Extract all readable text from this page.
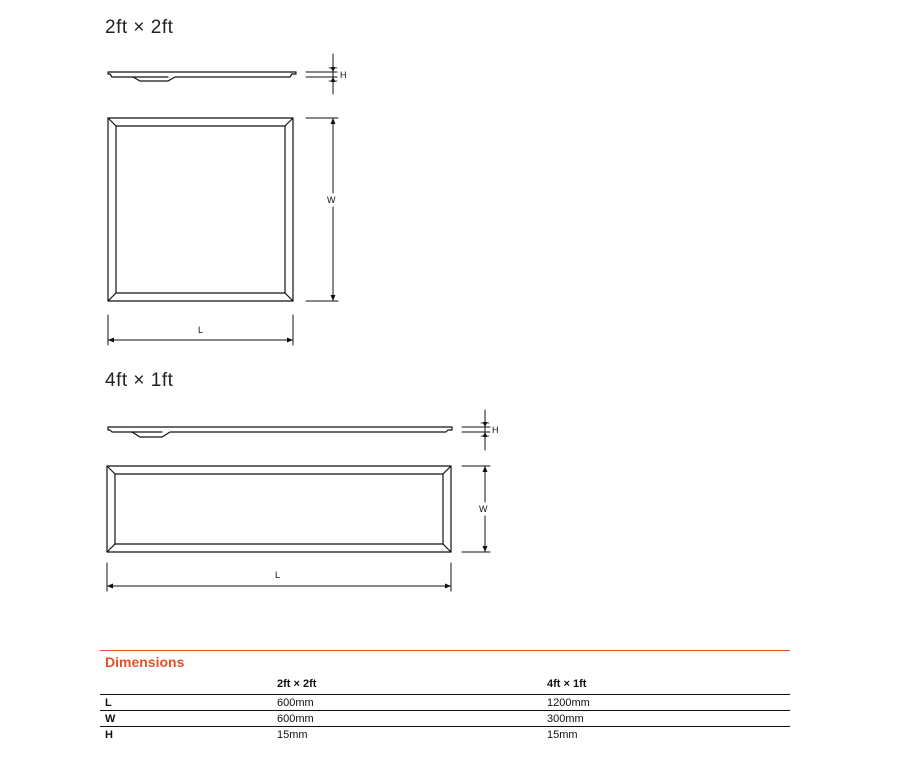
2ft × 2ft
4ft × 1ft
H
W
L
H
W
L
Dimensions
	2ft × 2ft	4ft × 1ft
L	600mm	1200mm
W	600mm	300mm
H	15mm	15mm
